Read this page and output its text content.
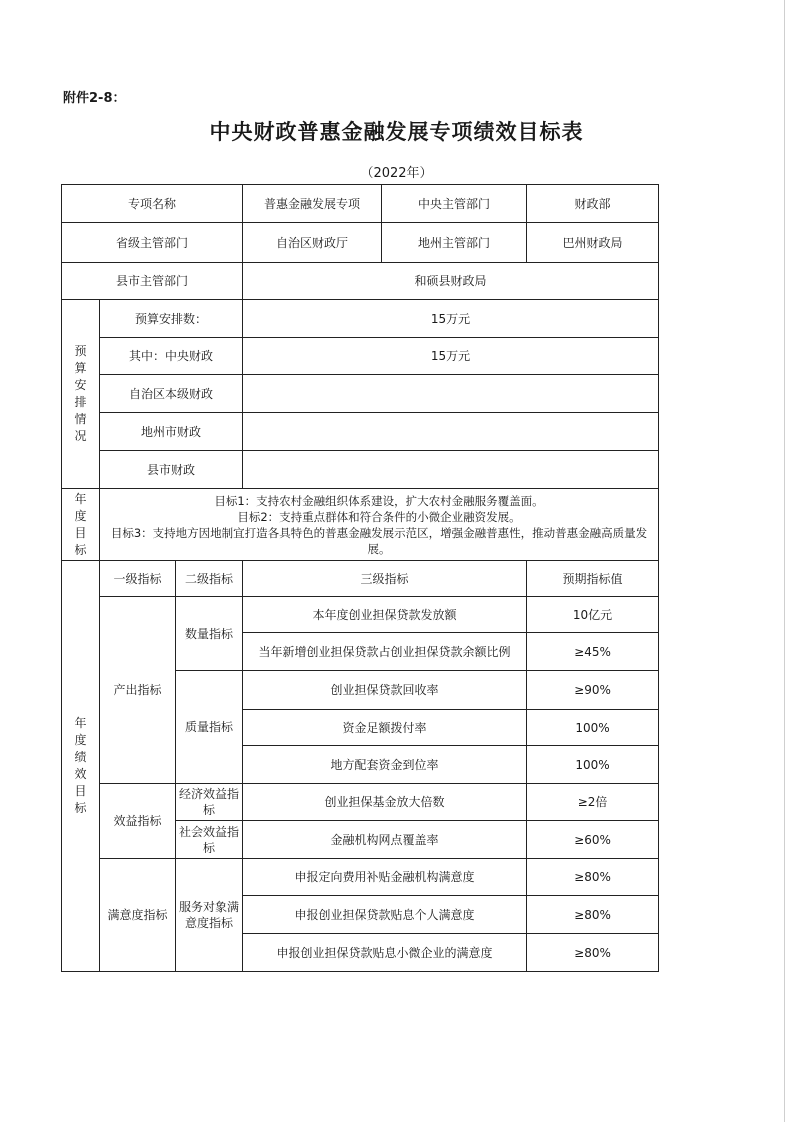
附件2-8：
中央财政普惠金融发展专项绩效目标表
（2022年）
专项名称			普惠金融发展专项	中央主管部门	财政部
省级主管部门			自治区财政厅	地州主管部门	巴州财政局
县市主管部门			和硕县财政局		

预算安排情况	预算安排数：		15万元		
	其中：中央财政		15万元		
	自治区本级财政				
	地州市财政				
	县市财政				

年度目标	目标1：支持农村金融组织体系建设，扩大农村金融服务覆盖面。
目标2：支持重点群体和符合条件的小微企业融资发展。
目标3：支持地方因地制宜打造各具特色的普惠金融发展示范区，增强金融普惠性，推动普惠金融高质量发展。				

年度绩效目标	一级指标	二级指标	三级指标		预期指标值
	产出指标	数量指标	本年度创业担保贷款发放额		10亿元
			当年新增创业担保贷款占创业担保贷款余额比例		≥45%
		质量指标	创业担保贷款回收率		≥90%
			资金足额拨付率		100%
			地方配套资金到位率		100%
	效益指标	经济效益指标	创业担保基金放大倍数		≥2倍
		社会效益指标	金融机构网点覆盖率		≥60%
	满意度指标	服务对象满意度指标	申报定向费用补贴金融机构满意度		≥80%
			申报创业担保贷款贴息个人满意度		≥80%
			申报创业担保贷款贴息小微企业的满意度		≥80%
